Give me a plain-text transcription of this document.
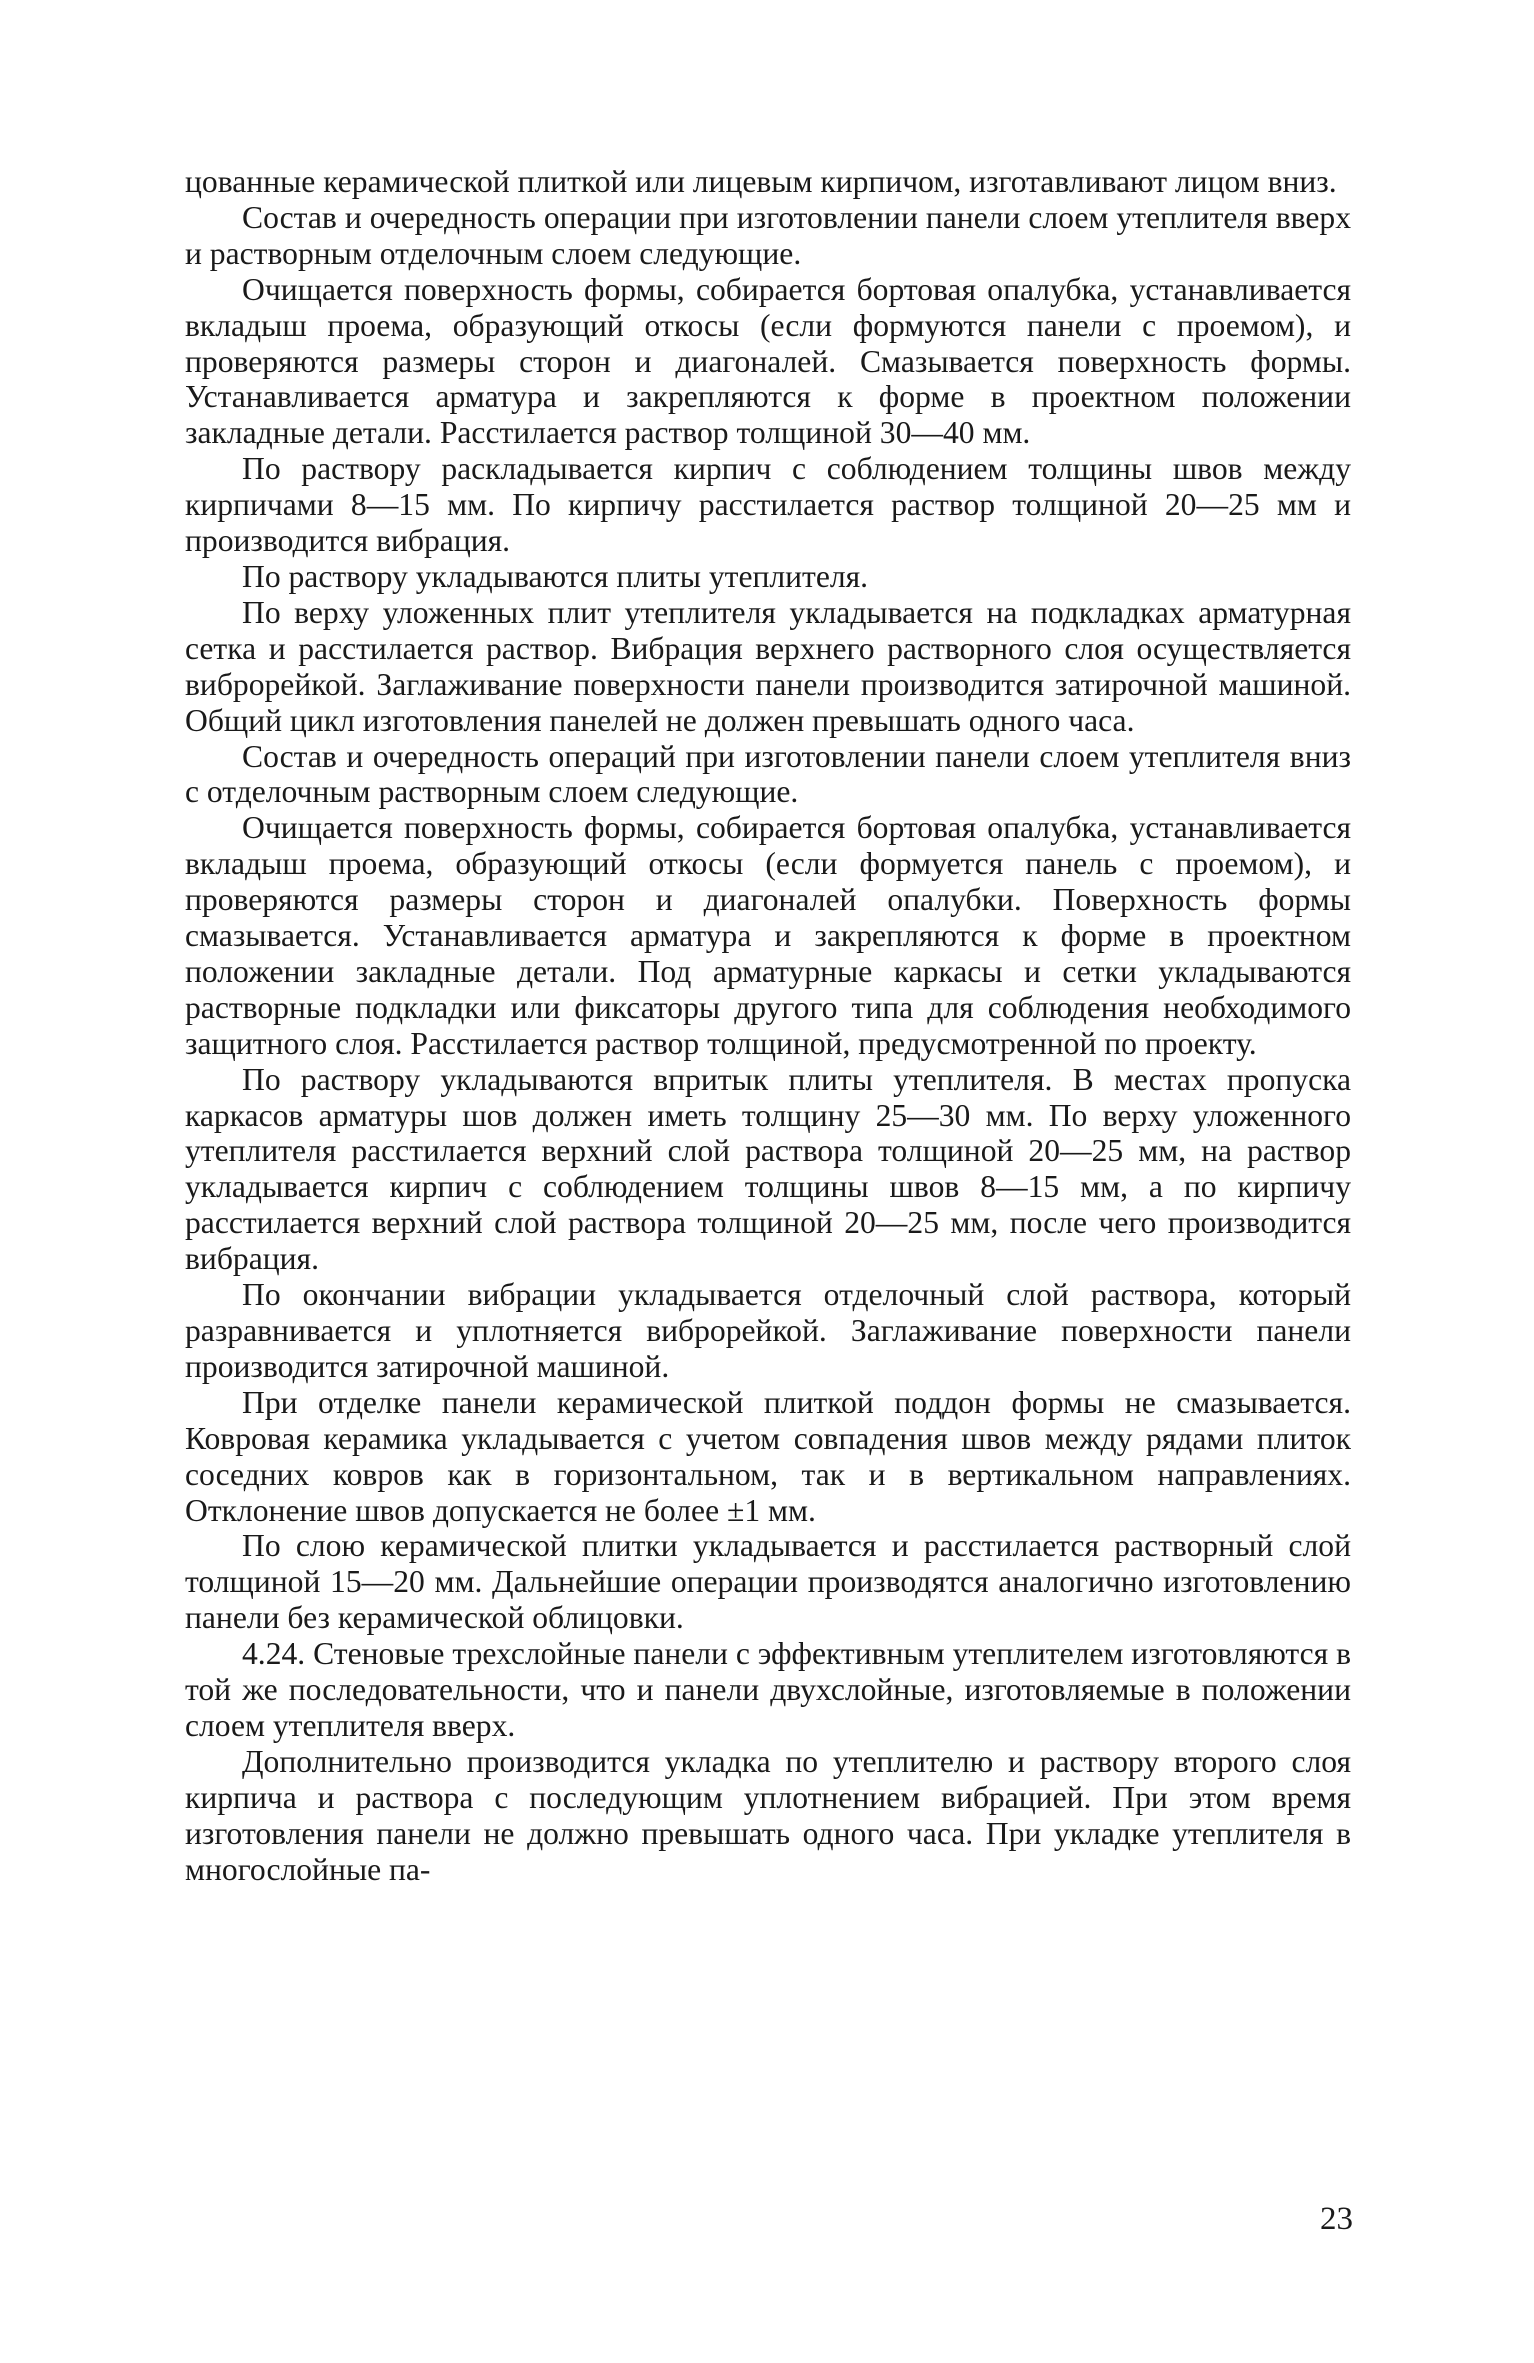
цованные керамической плиткой или лицевым кирпичом, изготавливают лицом вниз.

Состав и очередность операции при изготовлении панели слоем утеплителя вверх и растворным отделочным слоем следующие.

Очищается поверхность формы, собирается бортовая опалубка, устанавливается вкладыш проема, образующий откосы (если формуются панели с проемом), и проверяются размеры сторон и диагоналей. Смазывается поверхность формы. Устанавливается арматура и закрепляются к форме в проектном положении закладные детали. Расстилается раствор толщиной 30—40 мм.

По раствору раскладывается кирпич с соблюдением толщины швов между кирпичами 8—15 мм. По кирпичу расстилается раствор толщиной 20—25 мм и производится вибрация.

По раствору укладываются плиты утеплителя.

По верху уложенных плит утеплителя укладывается на подкладках арматурная сетка и расстилается раствор. Вибрация верхнего растворного слоя осуществляется виброрейкой. Заглаживание поверхности панели производится затирочной машиной. Общий цикл изготовления панелей не должен превышать одного часа.

Состав и очередность операций при изготовлении панели слоем утеплителя вниз с отделочным растворным слоем следующие.

Очищается поверхность формы, собирается бортовая опалубка, устанавливается вкладыш проема, образующий откосы (если формуется панель с проемом), и проверяются размеры сторон и диагоналей опалубки. Поверхность формы смазывается. Устанавливается арматура и закрепляются к форме в проектном положении закладные детали. Под арматурные каркасы и сетки укладываются растворные подкладки или фиксаторы другого типа для соблюдения необходимого защитного слоя. Расстилается раствор толщиной, предусмотренной по проекту.

По раствору укладываются впритык плиты утеплителя. В местах пропуска каркасов арматуры шов должен иметь толщину 25—30 мм. По верху уложенного утеплителя расстилается верхний слой раствора толщиной 20—25 мм, на раствор укладывается кирпич с соблюдением толщины швов 8—15 мм, а по кирпичу расстилается верхний слой раствора толщиной 20—25 мм, после чего производится вибрация.

По окончании вибрации укладывается отделочный слой раствора, который разравнивается и уплотняется виброрейкой. Заглаживание поверхности панели производится затирочной машиной.

При отделке панели керамической плиткой поддон формы не смазывается. Ковровая керамика укладывается с учетом совпадения швов между рядами плиток соседних ковров как в горизонтальном, так и в вертикальном направлениях. Отклонение швов допускается не более ±1 мм.

По слою керамической плитки укладывается и расстилается растворный слой толщиной 15—20 мм. Дальнейшие операции производятся аналогично изготовлению панели без керамической облицовки.

4.24. Стеновые трехслойные панели с эффективным утеплителем изготовляются в той же последовательности, что и панели двухслойные, изготовляемые в положении слоем утеплителя вверх.

Дополнительно производится укладка по утеплителю и раствору второго слоя кирпича и раствора с последующим уплотнением вибрацией. При этом время изготовления панели не должно превышать одного часа. При укладке утеплителя в многослойные па-

23
